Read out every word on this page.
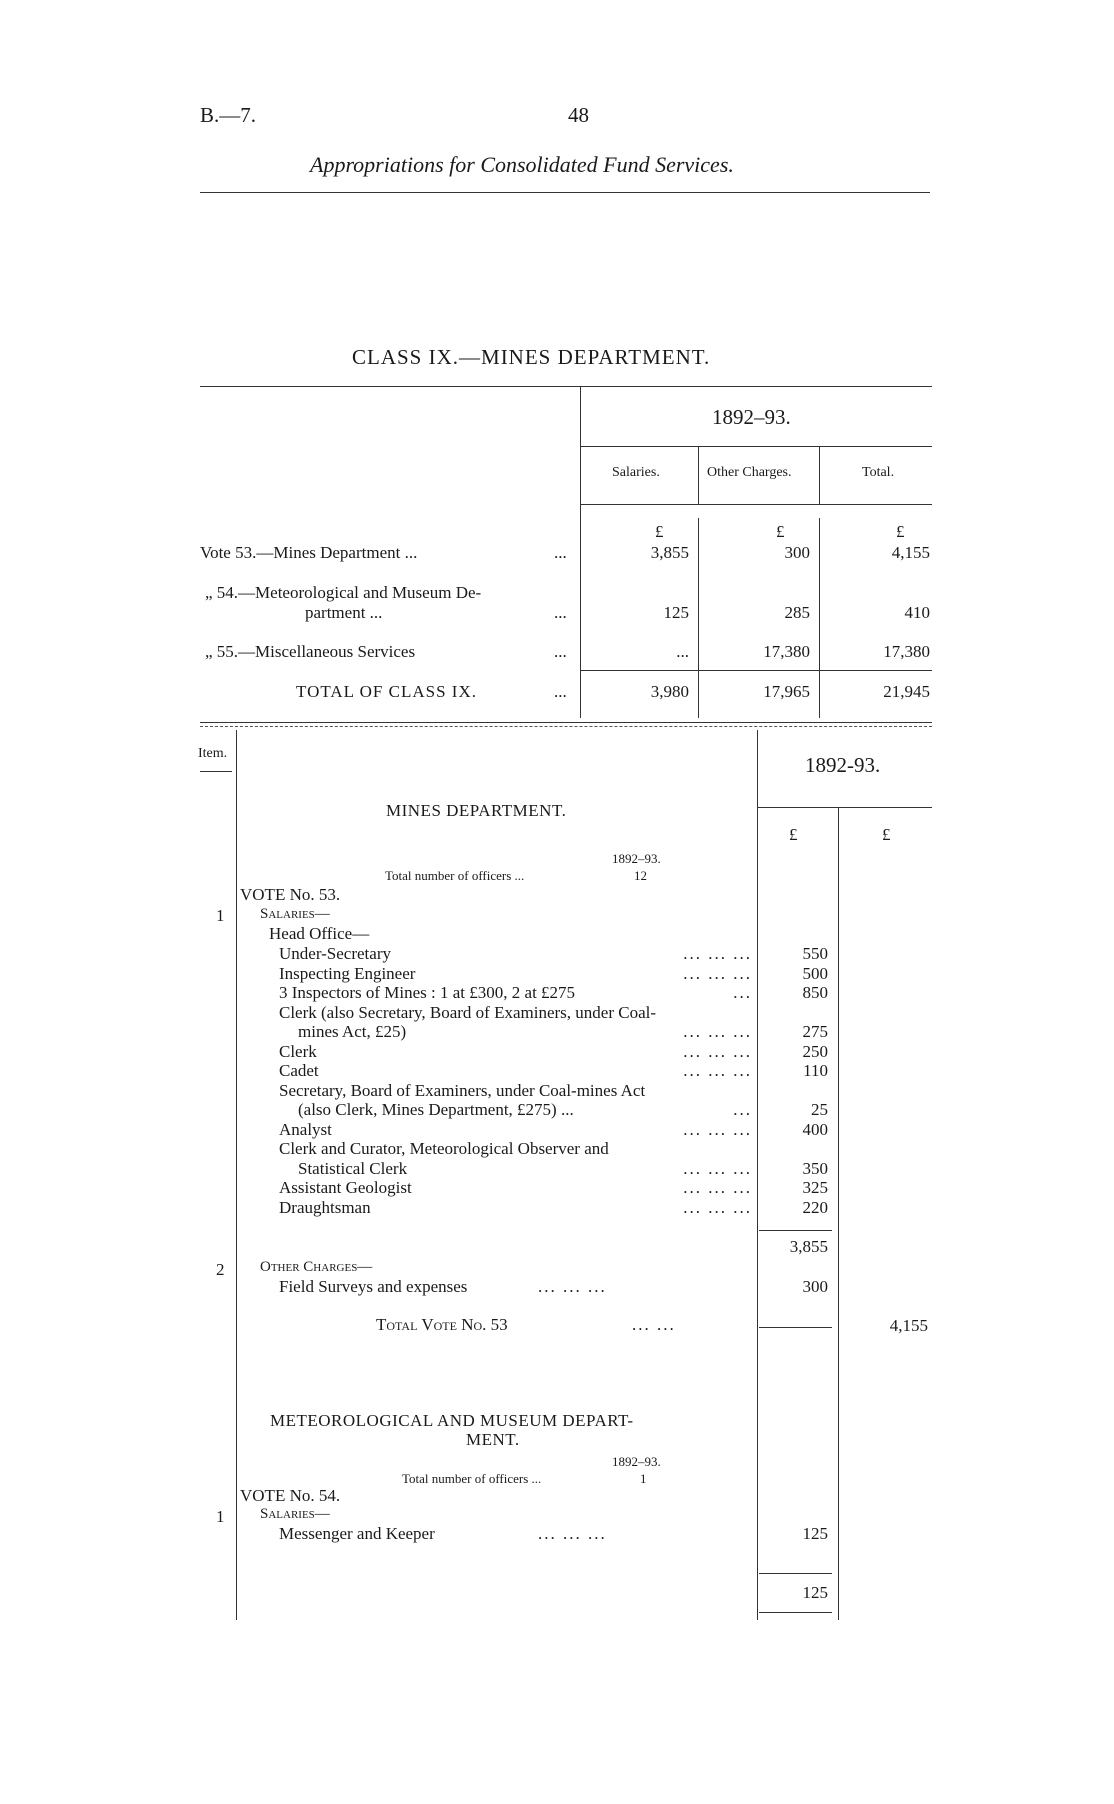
B.—7.	48
Appropriations for Consolidated Fund Services.
CLASS IX.—MINES DEPARTMENT.
1892–93.
Salaries.	Other Charges.	Total.
£	£	£
Vote 53.—Mines Department ...	...	3,855	300	4,155
„ 54.—Meteorological and Museum De-
partment ...	...	125	285	410
„ 55.—Miscellaneous Services	...	...	17,380	17,380
TOTAL OF CLASS IX.	...	3,980	17,965	21,945
Item.	1892-93.
£	£
MINES DEPARTMENT.
1892–93.
Total number of officers ...	12
VOTE No. 53.
1 Salaries—
Head Office—
Under-Secretary	... ... ...	550
Inspecting Engineer	... ... ...	500
3 Inspectors of Mines : 1 at £300, 2 at £275	...	850
Clerk (also Secretary, Board of Examiners, under Coal-
mines Act, £25)	... ... ...	275
Clerk	... ... ...	250
Cadet	... ... ...	110
Secretary, Board of Examiners, under Coal-mines Act
(also Clerk, Mines Department, £275) ...	...	25
Analyst	... ... ...	400
Clerk and Curator, Meteorological Observer and
Statistical Clerk	... ... ...	350
Assistant Geologist	... ... ...	325
Draughtsman	... ... ...	220
3,855
2 Other Charges—
Field Surveys and expenses	... ... ...	300
Total Vote No. 53	... ...	4,155
METEOROLOGICAL AND MUSEUM DEPART-
MENT.
1892–93.
Total number of officers ...	1
VOTE No. 54.
1 Salaries—
Messenger and Keeper	... ... ...	125
125
